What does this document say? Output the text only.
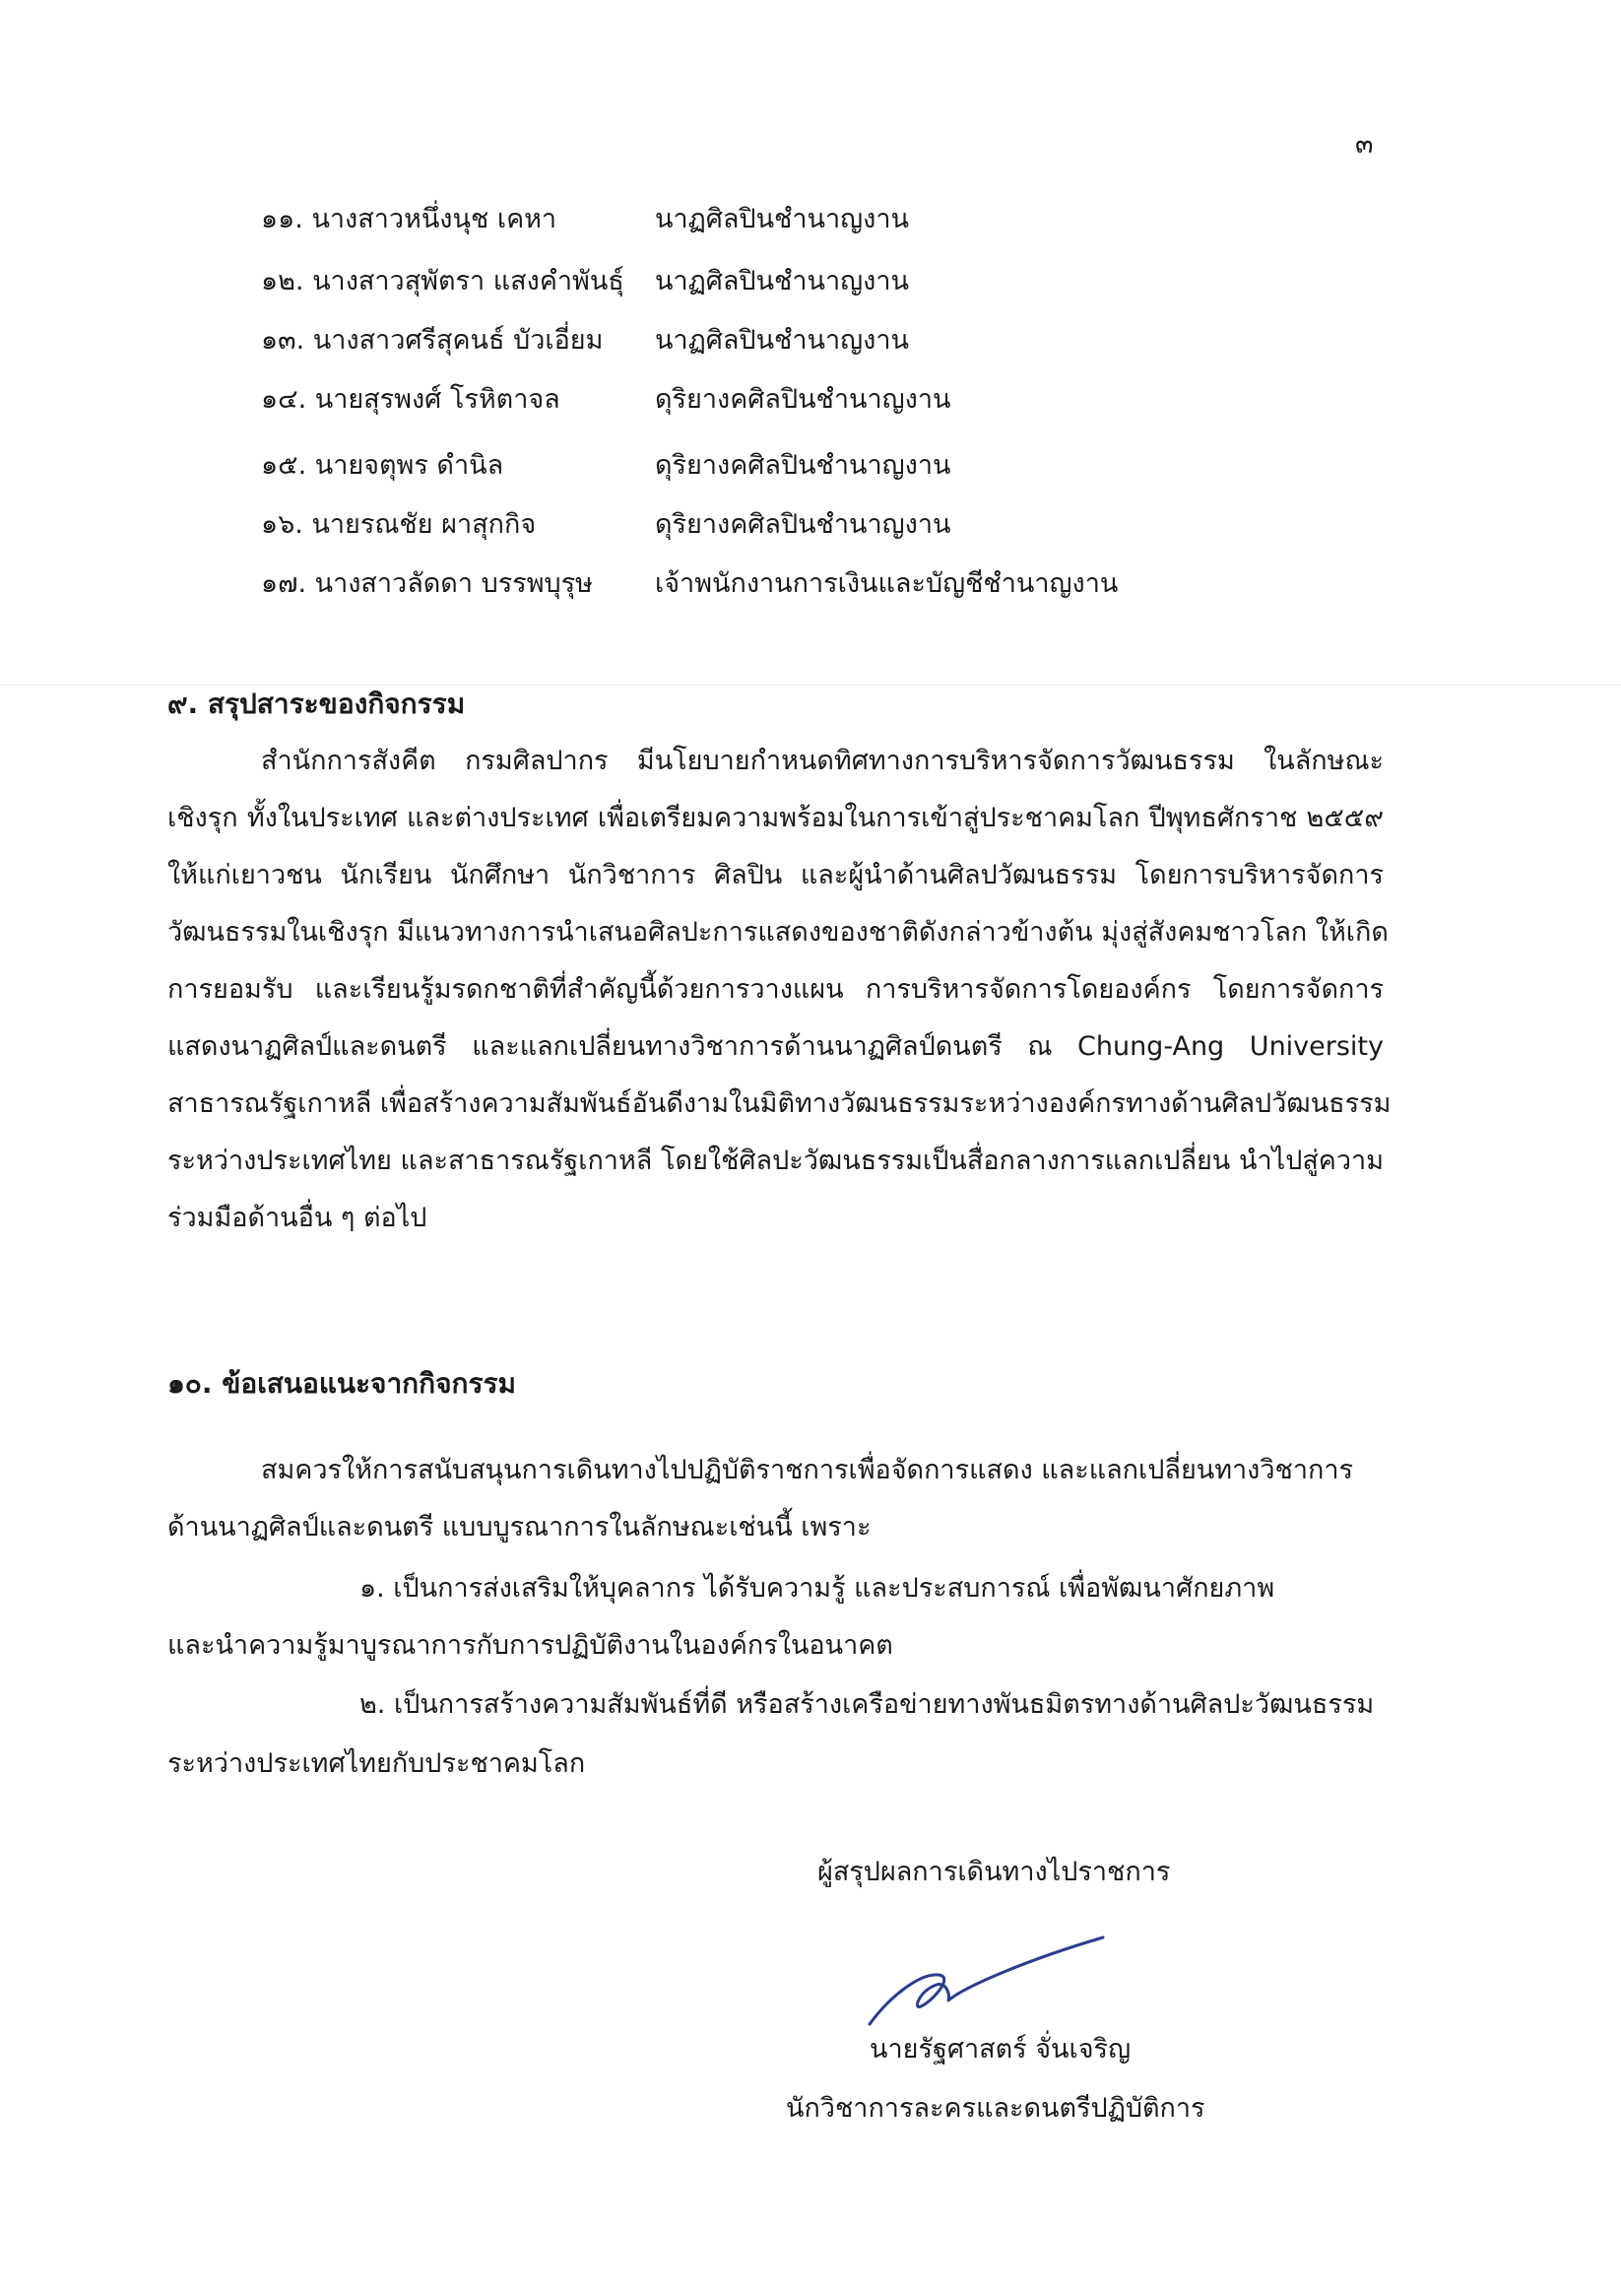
๓
๑๑. นางสาวหนึ่งนุช เคหา	นาฏศิลปินชำนาญงาน
๑๒. นางสาวสุพัตรา แสงคำพันธุ์ นาฏศิลปินชำนาญงาน
๑๓. นางสาวศรีสุคนธ์ บัวเอี่ยม นาฏศิลปินชำนาญงาน
๑๔. นายสุรพงศ์ โรหิตาจล	ดุริยางคศิลปินชำนาญงาน
๑๕. นายจตุพร ดำนิล	ดุริยางคศิลปินชำนาญงาน
๑๖. นายรณชัย ผาสุกกิจ	ดุริยางคศิลปินชำนาญงาน
๑๗. นางสาวลัดดา บรรพบุรุษ เจ้าพนักงานการเงินและบัญชีชำนาญงาน
๙. สรุปสาระของกิจกรรม
สำนักการสังคีต กรมศิลปากร มีนโยบายกำหนดทิศทางการบริหารจัดการวัฒนธรรม ในลักษณะ
เชิงรุก ทั้งในประเทศ และต่างประเทศ เพื่อเตรียมความพร้อมในการเข้าสู่ประชาคมโลก ปีพุทธศักราช ๒๕๕๙
ให้แก่เยาวชน นักเรียน นักศึกษา นักวิชาการ ศิลปิน และผู้นำด้านศิลปวัฒนธรรม โดยการบริหารจัดการ
วัฒนธรรมในเชิงรุก มีแนวทางการนำเสนอศิลปะการแสดงของชาติดังกล่าวข้างต้น มุ่งสู่สังคมชาวโลก ให้เกิด
การยอมรับ และเรียนรู้มรดกชาติที่สำคัญนี้ด้วยการวางแผน การบริหารจัดการโดยองค์กร โดยการจัดการ
แสดงนาฏศิลป์และดนตรี และแลกเปลี่ยนทางวิชาการด้านนาฏศิลป์ดนตรี ณ Chung-Ang University
สาธารณรัฐเกาหลี เพื่อสร้างความสัมพันธ์อันดีงามในมิติทางวัฒนธรรมระหว่างองค์กรทางด้านศิลปวัฒนธรรม
ระหว่างประเทศไทย และสาธารณรัฐเกาหลี โดยใช้ศิลปะวัฒนธรรมเป็นสื่อกลางการแลกเปลี่ยน นำไปสู่ความ
ร่วมมือด้านอื่น ๆ ต่อไป
๑๐. ข้อเสนอแนะจากกิจกรรม
สมควรให้การสนับสนุนการเดินทางไปปฏิบัติราชการเพื่อจัดการแสดง และแลกเปลี่ยนทางวิชาการ
ด้านนาฏศิลป์และดนตรี แบบบูรณาการในลักษณะเช่นนี้ เพราะ
๑. เป็นการส่งเสริมให้บุคลากร ได้รับความรู้ และประสบการณ์ เพื่อพัฒนาศักยภาพ
และนำความรู้มาบูรณาการกับการปฏิบัติงานในองค์กรในอนาคต
๒. เป็นการสร้างความสัมพันธ์ที่ดี หรือสร้างเครือข่ายทางพันธมิตรทางด้านศิลปะวัฒนธรรม
ระหว่างประเทศไทยกับประชาคมโลก
ผู้สรุปผลการเดินทางไปราชการ
นายรัฐศาสตร์ จั่นเจริญ
นักวิชาการละครและดนตรีปฏิบัติการ
